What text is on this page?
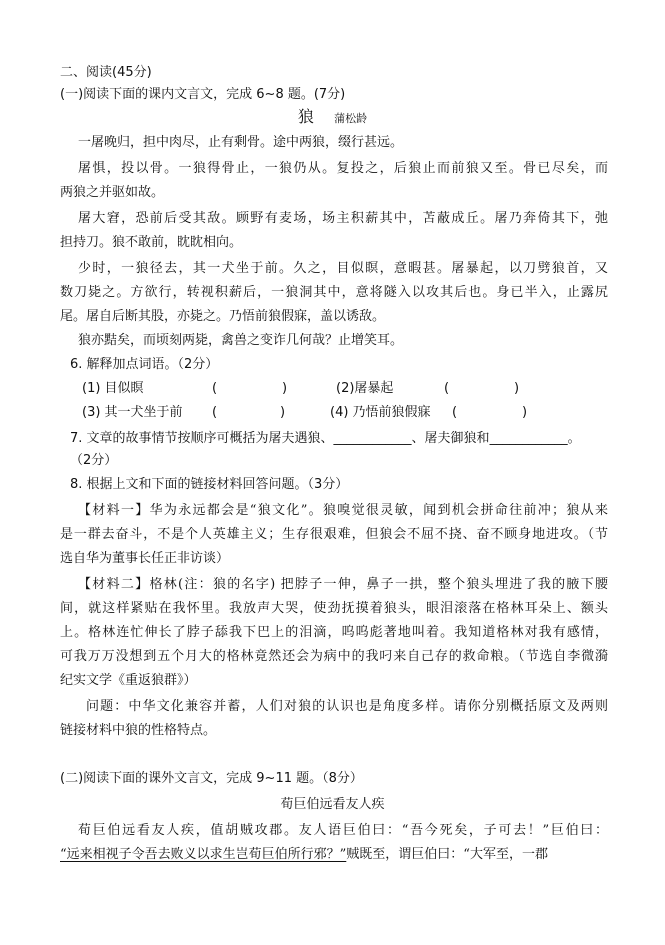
二、阅读(45分)
(一)阅读下面的课内文言文，完成 6~8 题。(7分)
狼 蒲松龄
一屠晚归，担中肉尽，止有剩骨。途中两狼，缀行甚远。
屠惧，投以骨。一狼得骨止，一狼仍从。复投之，后狼止而前狼又至。骨已尽矣，而
两狼之并驱如故。
屠大窘，恐前后受其敌。顾野有麦场，场主积薪其中，苫蔽成丘。屠乃奔倚其下，弛
担持刀。狼不敢前，眈眈相向。
少时，一狼径去，其一犬坐于前。久之，目似瞑，意暇甚。屠暴起，以刀劈狼首，又
数刀毙之。方欲行，转视积薪后，一狼洞其中，意将隧入以攻其后也。身已半入，止露尻
尾。屠自后断其股，亦毙之。乃悟前狼假寐，盖以诱敌。
狼亦黠矣，而顷刻两毙，禽兽之变诈几何哉？止增笑耳。
6. 解释加点词语。（2分）
(1) 目似瞑	(	)	(2)屠暴起	(	)
(3) 其一犬坐于前	(	)	(4) 乃悟前狼假寐	(	)
7. 文章的故事情节按顺序可概括为屠夫遇狼、____________、屠夫御狼和____________。
（2分）
8. 根据上文和下面的链接材料回答问题。（3分）
【材料一】华为永远都会是“狼文化”。狼嗅觉很灵敏，闻到机会拼命往前冲；狼从来
是一群去奋斗，不是个人英雄主义；生存很艰难，但狼会不屈不挠、奋不顾身地进攻。（节
选自华为董事长任正非访谈）
【材料二】格林(注：狼的名字) 把脖子一伸，鼻子一拱，整个狼头埋进了我的腋下腰
间，就这样紧贴在我怀里。我放声大哭，使劲抚摸着狼头，眼泪滚落在格林耳朵上、额头
上。格林连忙伸长了脖子舔我下巴上的泪滴，呜呜彪著地叫着。我知道格林对我有感情，
可我万万没想到五个月大的格林竟然还会为病中的我叼来自己存的救命粮。（节选自李微漪
纪实文学《重返狼群》）
问题：中华文化兼容并蓄，人们对狼的认识也是角度多样。请你分别概括原文及两则
链接材料中狼的性格特点。
(二)阅读下面的课外文言文，完成 9~11 题。（8分）
荀巨伯远看友人疾
荀巨伯远看友人疾，值胡贼攻郡。友人语巨伯曰：“吾今死矣，子可去！”巨伯曰：
“远来相视子令吾去败义以求生岂荀巨伯所行邪？”贼既至，谓巨伯曰：“大军至，一郡
